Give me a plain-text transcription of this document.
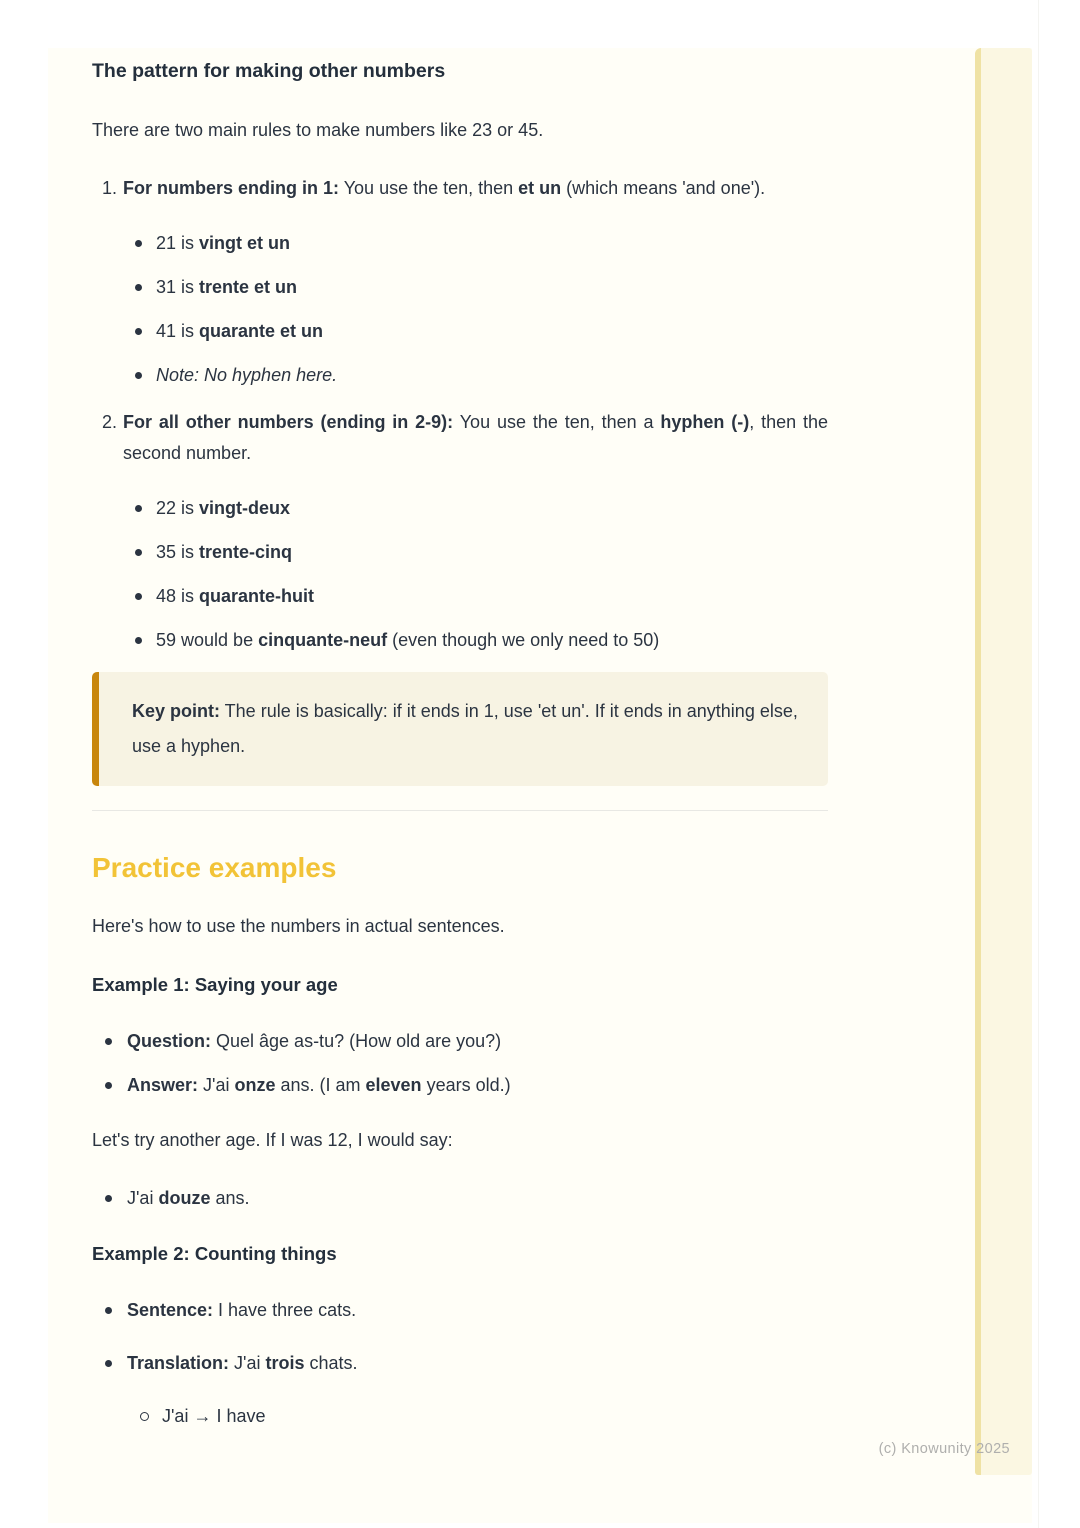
The pattern for making other numbers

There are two main rules to make numbers like 23 or 45.

For numbers ending in 1: You use the ten, then et un (which means 'and one').
21 is vingt et un
31 is trente et un
41 is quarante et un
Note: No hyphen here.
For all other numbers (ending in 2-9): You use the ten, then a hyphen (-), then the second number.
22 is vingt-deux
35 is trente-cinq
48 is quarante-huit
59 would be cinquante-neuf (even though we only need to 50)

Key point: The rule is basically: if it ends in 1, use 'et un'. If it ends in anything else, use a hyphen.

Practice examples

Here's how to use the numbers in actual sentences.

Example 1: Saying your age

Question: Quel âge as-tu? (How old are you?)
Answer: J'ai onze ans. (I am eleven years old.)

Let's try another age. If I was 12, I would say:

J'ai douze ans.

Example 2: Counting things

Sentence: I have three cats.
Translation: J'ai trois chats.
J'ai → I have
(c) Knowunity 2025
